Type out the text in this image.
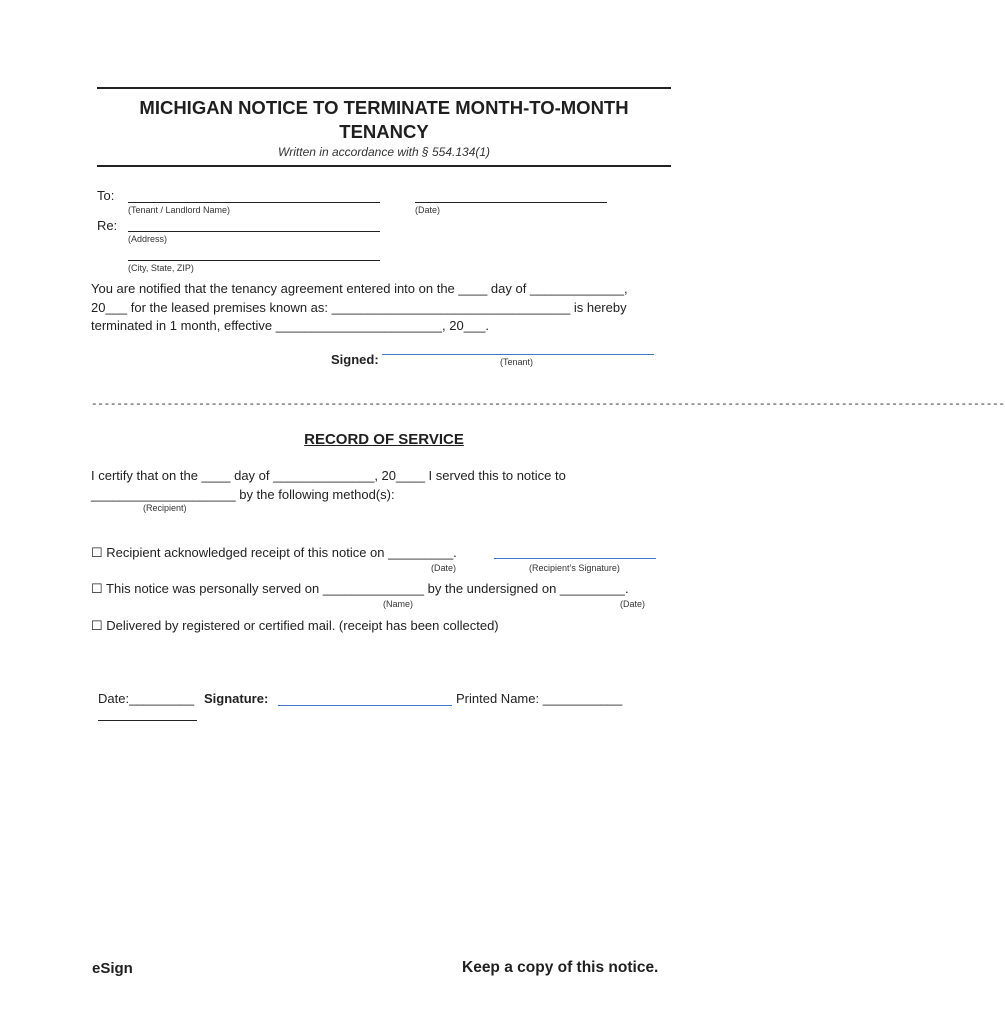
MICHIGAN NOTICE TO TERMINATE MONTH-TO-MONTH
TENANCY
Written in accordance with § 554.134(1)
To:
(Tenant / Landlord Name)	(Date)
Re:
(Address)
(City, State, ZIP)
You are notified that the tenancy agreement entered into on the ____ day of _____________,
20___ for the leased premises known as: _________________________________ is hereby
terminated in 1 month, effective _______________________, 20___.
Signed:	(Tenant)
-------------------------------------------------------------------------------------------------------------------------------------------------
RECORD OF SERVICE
I certify that on the ____ day of ______________, 20____ I served this to notice to
____________________ by the following method(s):
(Recipient)
☐ Recipient acknowledged receipt of this notice on _________.
(Date)	(Recipient’s Signature)
☐ This notice was personally served on ______________ by the undersigned on _________.
(Name)	(Date)
☐ Delivered by registered or certified mail. (receipt has been collected)
Date:_________ Signature:	Printed Name: ___________
eSign	Keep a copy of this notice.
